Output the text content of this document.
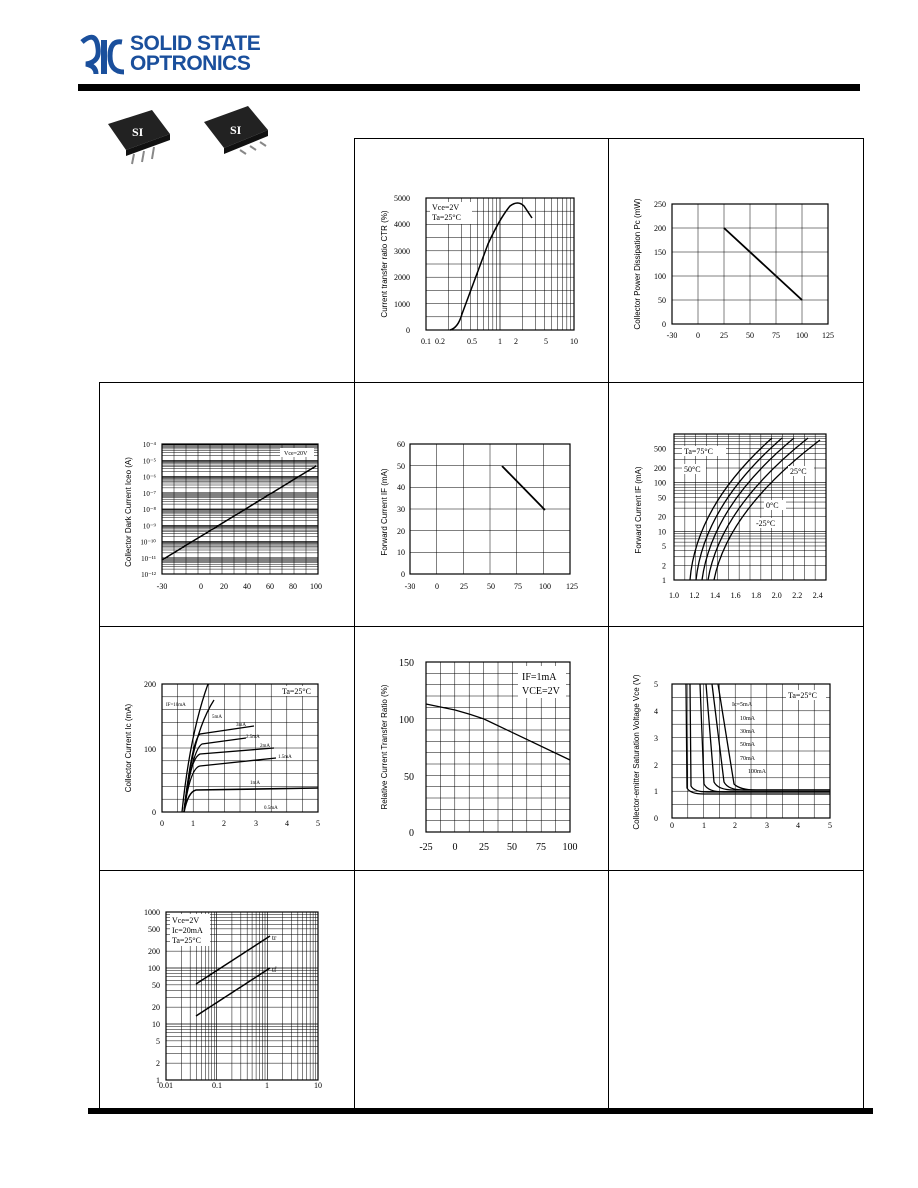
SOLID STATE
OPTRONICS
SI	SI
Current transfer ratio CTR (%)
5000
4000
3000
2000
1000
0
0.1 0.2	0.5	1 2	5	10
Vce=2V
Ta=25°C	Collector Power Dissipation Pc (mW) 250
200
150
100
50
0
-30 0	25 50 75 100 125
Collector Dark Current Iceo (A)
10⁻⁴
10⁻⁵
10⁻⁶
10⁻⁷
10⁻⁸
10⁻⁹
10⁻¹⁰
10⁻¹¹
10⁻¹²
-30	0 20 40 60 80 100
Vce=20V
Forward Current IF (mA)
60
50
40
30
20
10
0
-30 0	25 50 75 100 125
Forward Current IF (mA)
500
200
100
50
20
10
5
2
1
1.0 1.2 1.4 1.6 1.8 2.0 2.2 2.4
Ta=75°C
50°C	25°C
0°C
-25°C
Collector Current Ic (mA)
200
100
0
0	1	2	3	4	5
Ta=25°C
IF=10mA
5mA
3mA
2.5mA
2mA
1.5mA
1mA
0.5mA	Relative Current Transfer Ratio (%)
150
100
50
0
-25 0 25 50 75 100
IF=1mA
VCE=2V	Collector-emitter Saturation Voltage Vce (V) 5
4
3
2
1
0
0	1	2	3	4	5
Ta=25°C
Ic=5mA
10mA
30mA
50mA
70mA
100mA
1000
500
200
100
50
20
10
5
2
1
0.01	0.1	1	10
Vce=2V
Ic=20mA
Ta=25°C	tr
tf
